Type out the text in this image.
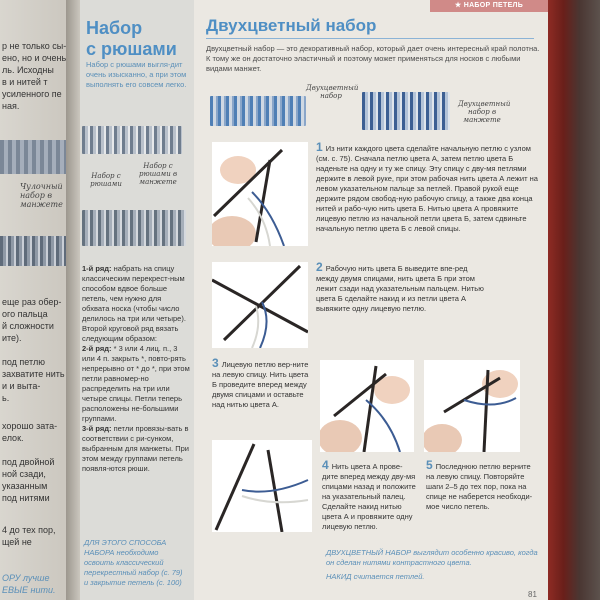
р не только сы-
ено, но и очень
ль. Исходны
в и нитей т
усиленного пе
ная.
Чулочный набор в манжете
еще раз обер-
ого пальца
й сложности
ите).
под петлю
захватите нить
и и выта-
ь.
хорошо зата-
елок.
под двойной
ной сзади,
указанным
под нитями
4 до тех пор,
щей не
ОРУ лучше
ЕВЫЕ нити.
★ НАБОР ПЕТЕЛЬ
Набор
с рюшами
Набор с рюшами выгля-дит очень изысканно, а при этом выполнять его совсем легко.
Набор с рюшами
Набор с рюшами в манжете
1-й ряд: набрать на спицу классическим перекрест-ным способом вдвое больше петель, чем нужно для обхвата носка (чтобы число делилось на три или четыре). Второй круговой ряд вязать следующим образом:
2-й ряд: * 3 или 4 лиц. п., 3 или 4 п. закрыть *, повто-рять непрерывно от * до *, при этом петли равномер-но распределить на три или четыре спицы. Петли теперь расположены не-большими группами.
3-й ряд: петли провязы-вать в соответствии с ри-сунком, выбранным для манжеты. При этом между группами петель появля-ются рюши.
ДЛЯ ЭТОГО СПОСОБА НАБОРА необходимо освоить классический перекрестный набор (с. 79) и закрытие петель (с. 100)
Двухцветный набор
Двухцветный набор — это декоративный набор, который дает очень интересный край полотна. К тому же он достаточно эластичный и поэтому может применяться для носков с любыми видами манжет.
Двухцветный набор
Двухцветный набор в манжете
1 Из нити каждого цвета сделайте начальную петлю с узлом (см. с. 75). Сначала петлю цвета А, затем петлю цвета Б наденьте на одну и ту же спицу. Эту спицу с дву-мя петлями держите в левой руке, при этом рабочая нить цвета А лежит на левом указательном пальце за петлей. Правой рукой еще держите рядом свобод-ную рабочую спицу, а также два конца нитей и рабо-чую нить цвета Б. Нитью цвета А провяжите лицевую петлю из начальной петли цвета Б, затем сдвиньте начальную петлю цвета Б с левой спицы.
2 Рабочую нить цвета Б выведите впе-ред между двумя спицами, нить цвета Б при этом лежит сзади над указательным пальцем. Нитью цвета Б сделайте накид и из петли цвета А вывяжите одну лицевую петлю.
3 Лицевую петлю вер-ните на левую спицу. Нить цвета Б проведите вперед между двумя спицами и оставьте над нитью цвета А.
4 Нить цвета А прове-дите вперед между дву-мя спицами назад и положите на указательный палец. Сделайте накид нитью цвета А и провяжите одну лицевую петлю.
5 Последнюю петлю верните на левую спицу. Повторяйте шаги 2–5 до тех пор, пока на спице не наберется необходи-мое число петель.
ДВУХЦВЕТНЫЙ НАБОР выглядит особенно красиво, когда он сделан нитями контрастного цвета.
НАКИД считается петлей.
81
